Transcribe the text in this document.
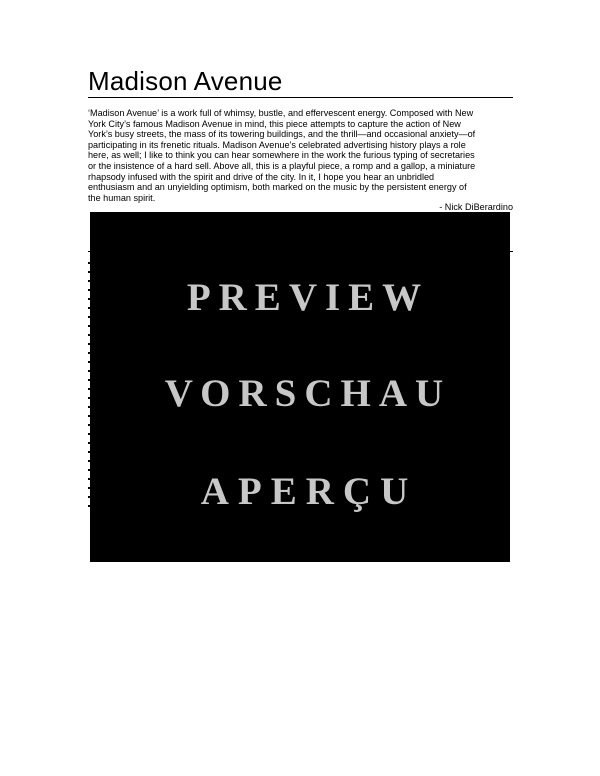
Madison Avenue

‘Madison Avenue’ is a work full of whimsy, bustle, and effervescent energy. Composed with New
York City’s famous Madison Avenue in mind, this piece attempts to capture the action of New
York’s busy streets, the mass of its towering buildings, and the thrill—and occasional anxiety—of
participating in its frenetic rituals. Madison Avenue’s celebrated advertising history plays a role
here, as well; I like to think you can hear somewhere in the work the furious typing of secretaries
or the insistence of a hard sell. Above all, this is a playful piece, a romp and a gallop, a miniature
rhapsody infused with the spirit and drive of the city. In it, I hope you hear an unbridled
enthusiasm and an unyielding optimism, both marked on the music by the persistent energy of
the human spirit.

- Nick DiBerardino

PREVIEW

VORSCHAU

APERÇU
